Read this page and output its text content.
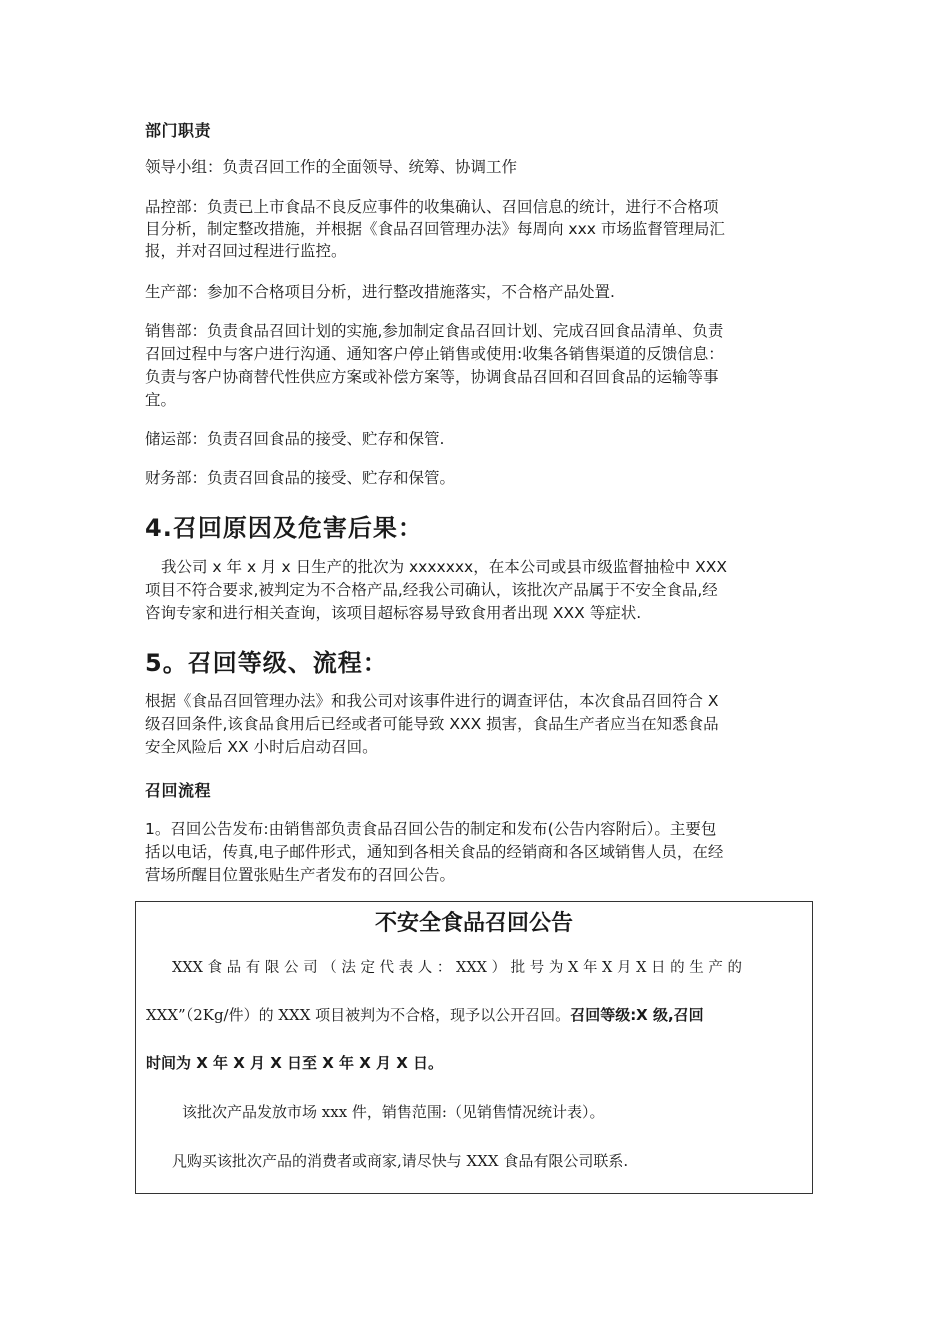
部门职责
领导小组：负责召回工作的全面领导、统筹、协调工作
品控部：负责已上市食品不良反应事件的收集确认、召回信息的统计，进行不合格项
目分析，制定整改措施，并根据《食品召回管理办法》每周向 xxx 市场监督管理局汇
报，并对召回过程进行监控。
生产部：参加不合格项目分析，进行整改措施落实，不合格产品处置.
销售部：负责食品召回计划的实施,参加制定食品召回计划、完成召回食品清单、负责
召回过程中与客户进行沟通、通知客户停止销售或使用:收集各销售渠道的反馈信息：
负责与客户协商替代性供应方案或补偿方案等，协调食品召回和召回食品的运输等事
宜。
储运部：负责召回食品的接受、贮存和保管.
财务部：负责召回食品的接受、贮存和保管。
4.召回原因及危害后果：
我公司 x 年 x 月 x 日生产的批次为 xxxxxxx，在本公司或县市级监督抽检中 XXX
项目不符合要求,被判定为不合格产品,经我公司确认，该批次产品属于不安全食品,经
咨询专家和进行相关查询，该项目超标容易导致食用者出现 XXX 等症状.
5。召回等级、流程：
根据《食品召回管理办法》和我公司对该事件进行的调查评估，本次食品召回符合 X
级召回条件,该食品食用后已经或者可能导致 XXX 损害，食品生产者应当在知悉食品
安全风险后 XX 小时后启动召回。
召回流程
1。召回公告发布:由销售部负责食品召回公告的制定和发布(公告内容附后）。主要包
括以电话，传真,电子邮件形式，通知到各相关食品的经销商和各区域销售人员，在经
营场所醒目位置张贴生产者发布的召回公告。
不安全食品召回公告
XXX 食 品 有 限 公 司 （ 法 定 代 表 人 ： XXX ） 批 号 为 X 年 X 月 X 日 的 生 产 的
XXX”（2Kg/件）的 XXX 项目被判为不合格，现予以公开召回。召回等级:X 级,召回
时间为 X 年 X 月 X 日至 X 年 X 月 X 日。
该批次产品发放市场 xxx 件，销售范围:（见销售情况统计表）。
凡购买该批次产品的消费者或商家,请尽快与 XXX 食品有限公司联系.
